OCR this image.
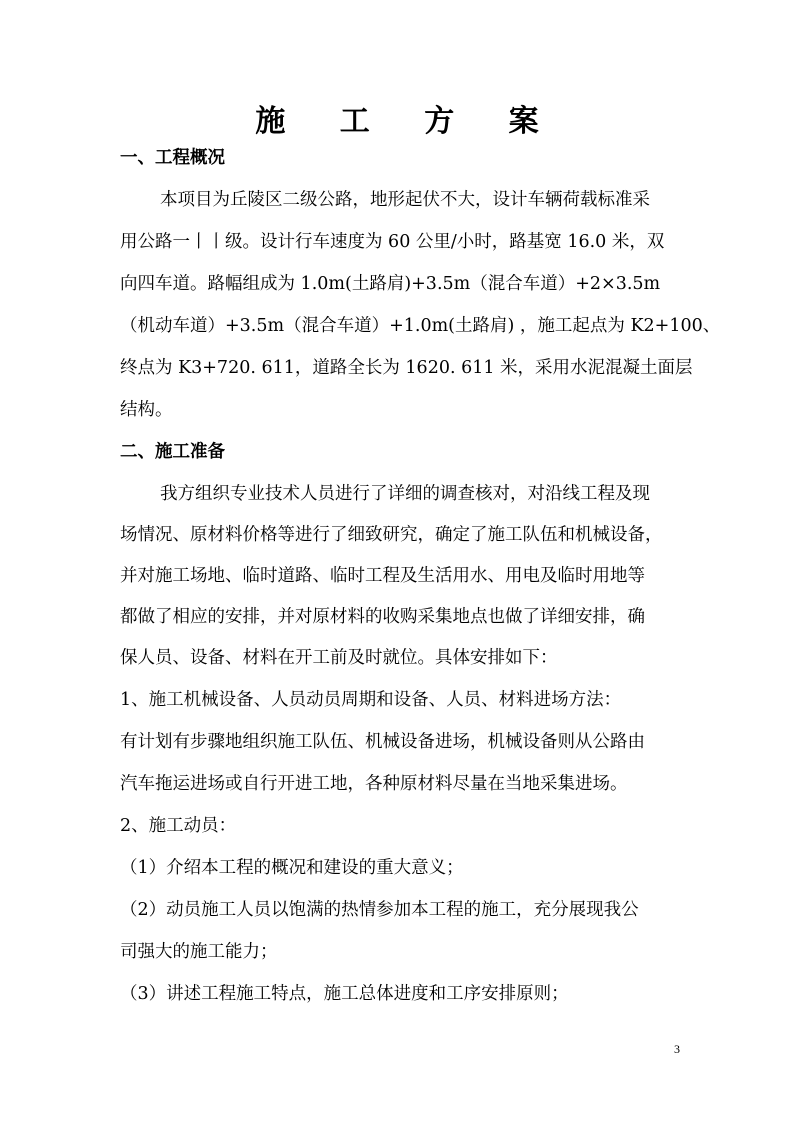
施 工 方 案
一、工程概况
本项目为丘陵区二级公路，地形起伏不大，设计车辆荷载标准采
用公路一丨丨级。设计行车速度为 60 公里/小时，路基宽 16.0 米，双
向四车道。路幅组成为 1.0m(土路肩)+3.5m（混合车道）+2×3.5m
（机动车道）+3.5m（混合车道）+1.0m(土路肩) ，施工起点为 K2+100、
终点为 K3+720. 611，道路全长为 1620. 611 米，采用水泥混凝土面层
结构。
二、施工准备
我方组织专业技术人员进行了详细的调查核对，对沿线工程及现
场情况、原材料价格等进行了细致研究，确定了施工队伍和机械设备，
并对施工场地、临时道路、临时工程及生活用水、用电及临时用地等
都做了相应的安排，并对原材料的收购采集地点也做了详细安排，确
保人员、设备、材料在开工前及时就位。具体安排如下：
1、施工机械设备、人员动员周期和设备、人员、材料进场方法：
有计划有步骤地组织施工队伍、机械设备进场，机械设备则从公路由
汽车拖运进场或自行开进工地，各种原材料尽量在当地采集进场。
2、施工动员：
（1）介绍本工程的概况和建设的重大意义；
（2）动员施工人员以饱满的热情参加本工程的施工，充分展现我公
司强大的施工能力；
（3）讲述工程施工特点，施工总体进度和工序安排原则；
3
